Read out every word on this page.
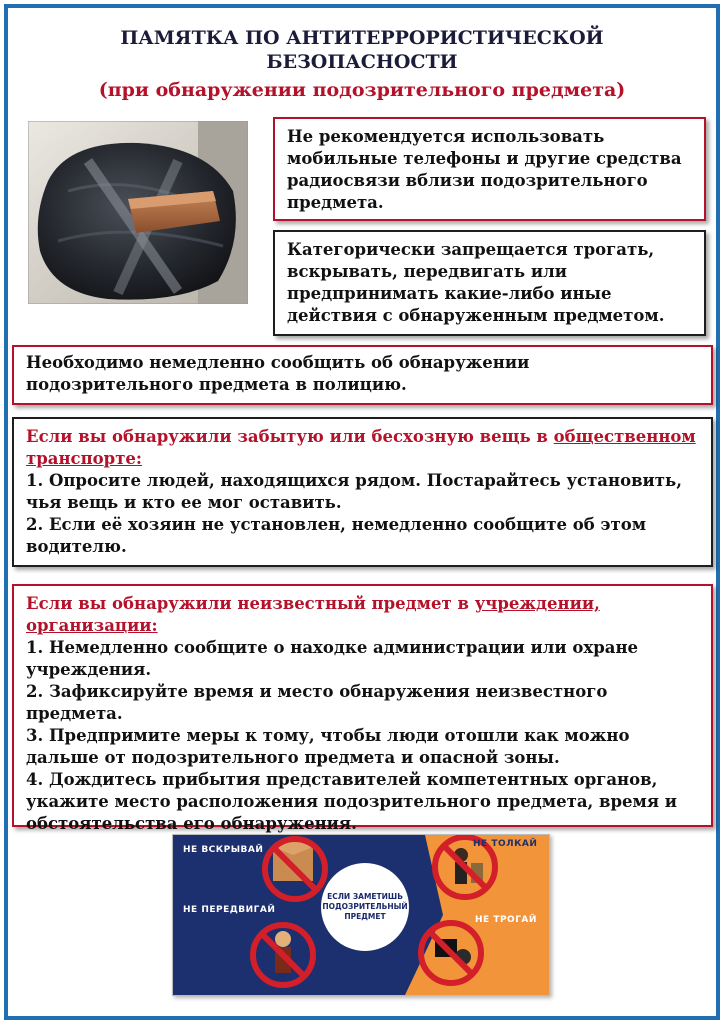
ПАМЯТКА ПО АНТИТЕРРОРИСТИЧЕСКОЙ
БЕЗОПАСНОСТИ
(при обнаружении подозрительного предмета)

Не рекомендуется использовать мобильные телефоны и другие средства радиосвязи вблизи подозрительного предмета.

Категорически запрещается трогать, вскрывать, передвигать или предпринимать какие-либо иные действия с обнаруженным предметом.

Необходимо немедленно сообщить об обнаружении подозрительного предмета в полицию.

Если вы обнаружили забытую или бесхозную вещь в общественном транспорте:

1. Опросите людей, находящихся рядом. Постарайтесь установить, чья вещь и кто ее мог оставить.

2. Если её хозяин не установлен, немедленно сообщите об этом водителю.

Если вы обнаружили неизвестный предмет в учреждении, организации:

1. Немедленно сообщите о находке администрации или охране учреждения.

2. Зафиксируйте время и место обнаружения неизвестного предмета.

3. Предпримите меры к тому, чтобы люди отошли как можно дальше от подозрительного предмета и опасной зоны.

4. Дождитесь прибытия представителей компетентных органов, укажите место расположения подозрительного предмета, время и обстоятельства его обнаружения.

НЕ ВСКРЫВАЙ
НЕ ПЕРЕДВИГАЙ
НЕ ТОЛКАЙ
НЕ ТРОГАЙ
ЕСЛИ ЗАМЕТИШЬ ПОДОЗРИТЕЛЬНЫЙ ПРЕДМЕТ
